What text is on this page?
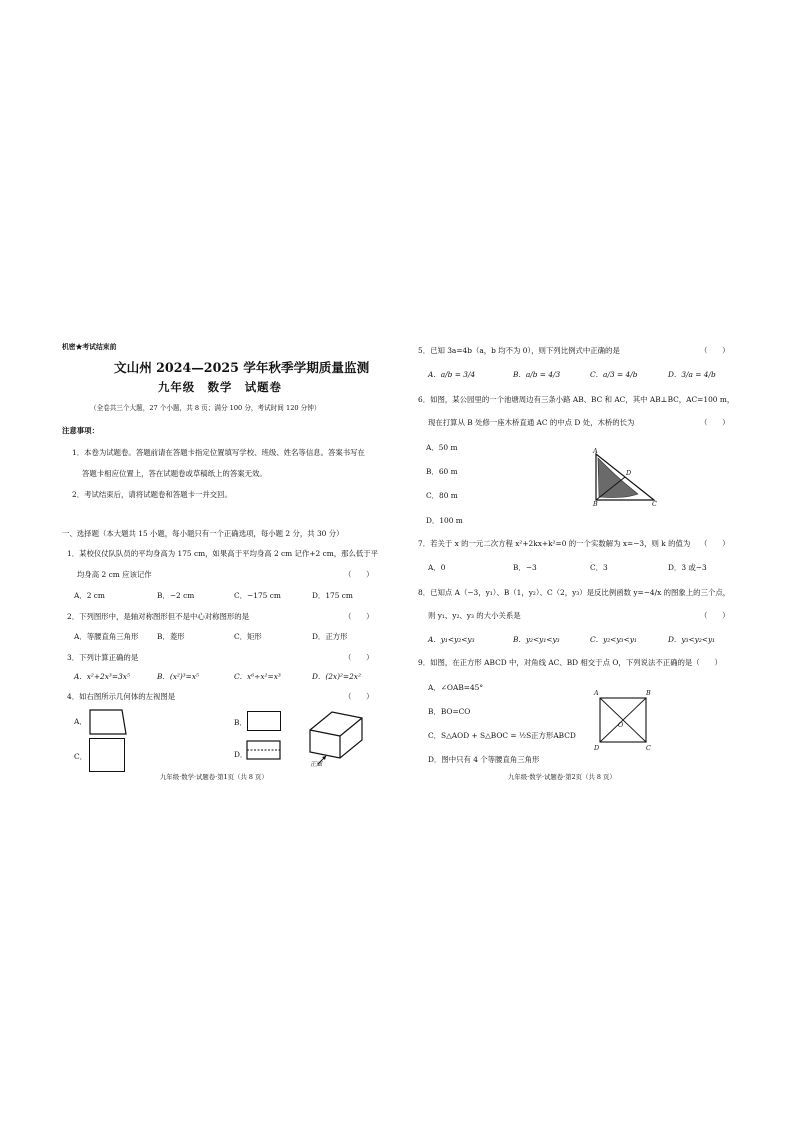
机密★考试结束前
文山州 2024—2025 学年秋季学期质量监测
九年级　数学　试题卷
（全卷共三个大题，27 个小题，共 8 页；满分 100 分，考试时间 120 分钟）
注意事项：
1．本卷为试题卷。答题前请在答题卡指定位置填写学校、班级、姓名等信息。答案书写在
答题卡相应位置上，答在试题卷或草稿纸上的答案无效。
2．考试结束后，请将试题卷和答题卡一并交回。
一、选择题（本大题共 15 小题，每小题只有一个正确选项，每小题 2 分，共 30 分）
1．某校仪仗队队员的平均身高为 175 cm，如果高于平均身高 2 cm 记作+2 cm，那么低于平
均身高 2 cm 应该记作	（　　）
A．2 cm	B．−2 cm	C．−175 cm	D．175 cm
2．下列图形中，是轴对称图形但不是中心对称图形的是	（　　）
A．等腰直角三角形	B．菱形	C．矩形	D．正方形
3．下列计算正确的是	（　　）
A．x²+2x³=3x⁵	B．(x²)³=x⁵	C．x⁶÷x²=x³	D．(2x)²=2x²
4．如右图所示几何体的左视图是	（　　）
A．
C．
B．
D．
正面
九年级·数学·试题卷·第1页（共 8 页）
5．已知 3a=4b（a，b 均不为 0），则下列比例式中正确的是	（　　）
A．a/b = 3/4	B．a/b = 4/3	C．a/3 = 4/b	D．3/a = 4/b
6．如图，某公园里的一个池塘周边有三条小路 AB、BC 和 AC，其中 AB⊥BC，AC=100 m，
现在打算从 B 处修一座木桥直通 AC 的中点 D 处，木桥的长为	（　　）
A．50 m
B．60 m
C．80 m
D．100 m
A
D
B	C
7．若关于 x 的一元二次方程 x²+2kx+k²=0 的一个实数解为 x=−3，则 k 的值为 （　　）
A．0	B．−3	C．3	D．3 或−3
8．已知点 A（−3，y₁）、B（1，y₂）、C（2，y₃）是反比例函数 y=−4/x 的图象上的三个点，
则 y₁、y₂、y₃ 的大小关系是	（　　）
A．y₁<y₂<y₃	B．y₂<y₁<y₃	C．y₂<y₃<y₁	D．y₃<y₂<y₁
9．如图，在正方形 ABCD 中，对角线 AC、BD 相交于点 O，下列说法不正确的是（　　）
A．∠OAB=45°
B．BO=CO
C．S△AOD + S△BOC = ½S正方形ABCD
D．图中只有 4 个等腰直角三角形
A	B
O
D	C
九年级·数学·试题卷·第2页（共 8 页）
